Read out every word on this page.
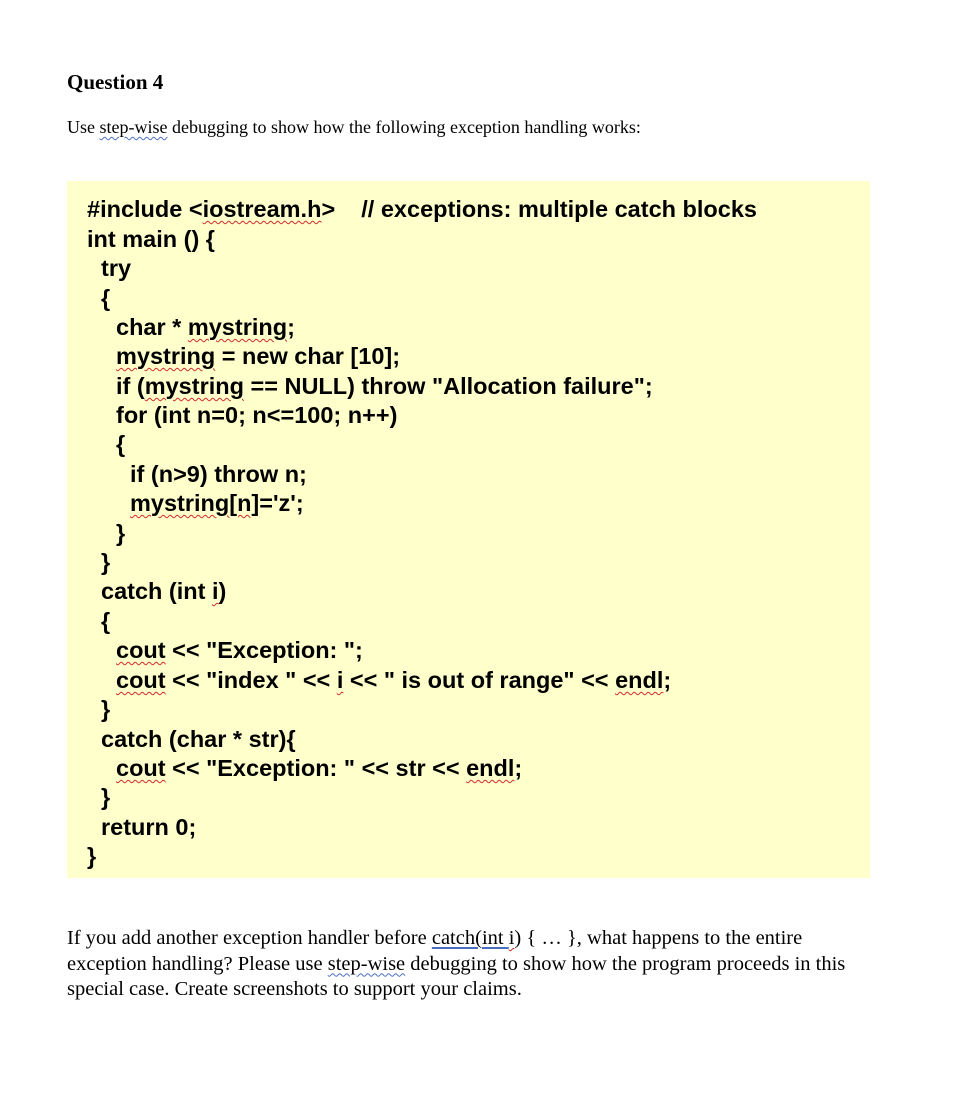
Question 4

Use step-wise debugging to show how the following exception handling works:

#include <iostream.h>    // exceptions: multiple catch blocks
int main () {
try
{
char * mystring;
mystring = new char [10];
if (mystring == NULL) throw "Allocation failure";
for (int n=0; n<=100; n++)
{
if (n>9) throw n;
mystring[n]='z';
}
}
catch (int i)
{
cout << "Exception: ";
cout << "index " << i << " is out of range" << endl;
}
catch (char * str){
cout << "Exception: " << str << endl;
}
return 0;
}

If you add another exception handler before catch(int i) { … }, what happens to the entire exception handling? Please use step-wise debugging to show how the program proceeds in this special case. Create screenshots to support your claims.
